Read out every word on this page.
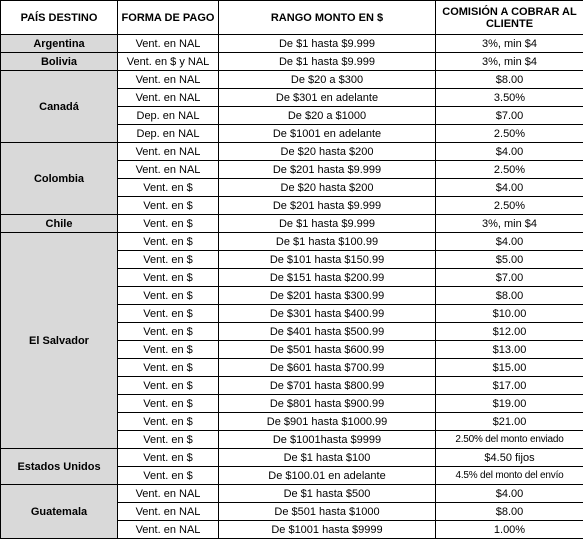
PAÍS DESTINO	FORMA DE PAGO	RANGO MONTO EN $	COMISIÓN A COBRAR AL CLIENTE
Argentina	Vent. en NAL	De $1 hasta $9.999	3%, min $4
Bolivia	Vent. en $ y NAL	De $1 hasta $9.999	3%, min $4
Canadá	Vent. en NAL	De $20 a $300	$8.00
	Vent. en NAL	De $301 en adelante	3.50%
	Dep. en NAL	De $20 a $1000	$7.00
	Dep. en NAL	De $1001 en adelante	2.50%
Colombia	Vent. en NAL	De $20 hasta $200	$4.00
	Vent. en NAL	De $201 hasta $9.999	2.50%
	Vent. en $	De $20 hasta $200	$4.00
	Vent. en $	De $201 hasta $9.999	2.50%
Chile	Vent. en $	De $1 hasta $9.999	3%, min $4
El Salvador	Vent. en $	De $1 hasta $100.99	$4.00
	Vent. en $	De $101 hasta $150.99	$5.00
	Vent. en $	De $151 hasta $200.99	$7.00
	Vent. en $	De $201 hasta $300.99	$8.00
	Vent. en $	De $301 hasta $400.99	$10.00
	Vent. en $	De $401 hasta $500.99	$12.00
	Vent. en $	De $501 hasta $600.99	$13.00
	Vent. en $	De $601 hasta $700.99	$15.00
	Vent. en $	De $701 hasta $800.99	$17.00
	Vent. en $	De $801 hasta $900.99	$19.00
	Vent. en $	De $901 hasta $1000.99	$21.00
	Vent. en $	De $1001hasta $9999	2.50% del monto enviado
Estados Unidos	Vent. en $	De $1 hasta $100	$4.50 fijos
	Vent. en $	De $100.01 en adelante	4.5% del monto del envío
Guatemala	Vent. en NAL	De $1 hasta $500	$4.00
	Vent. en NAL	De $501 hasta $1000	$8.00
	Vent. en NAL	De $1001 hasta $9999	1.00%
